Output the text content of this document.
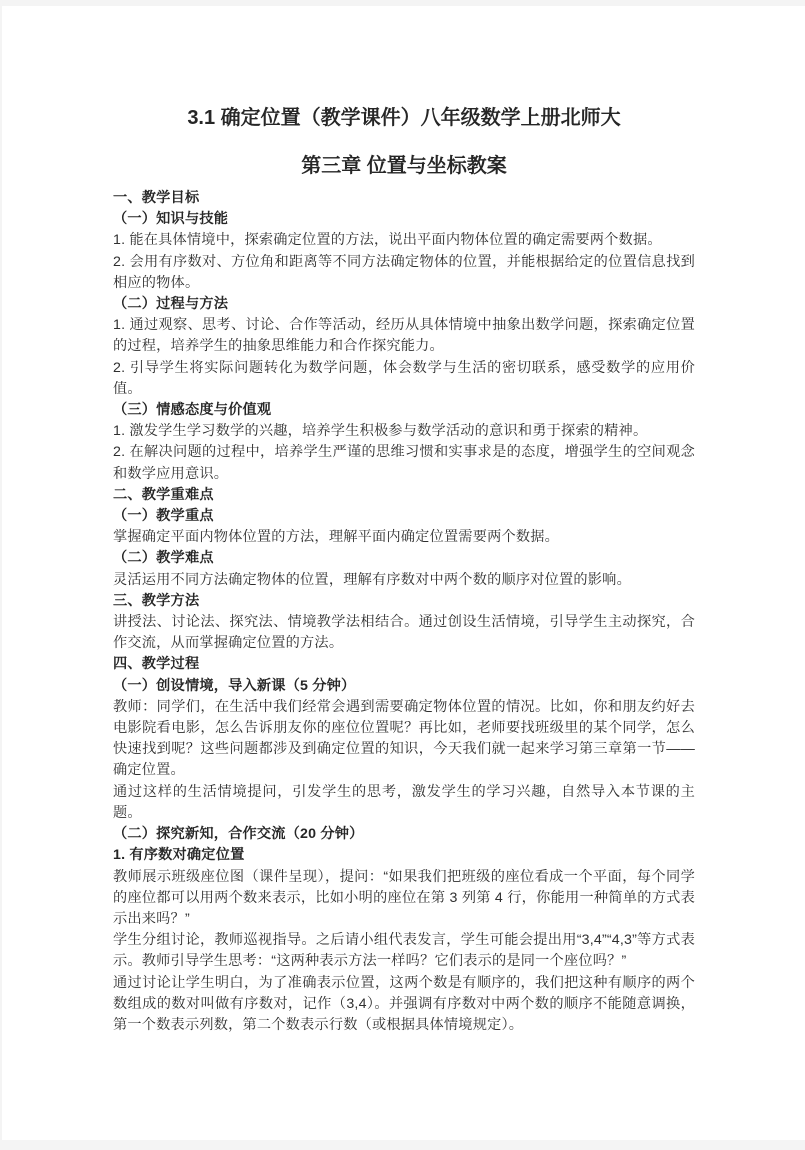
3.1 确定位置（教学课件）八年级数学上册北师大
第三章 位置与坐标教案

一、教学目标

（一）知识与技能

1. 能在具体情境中，探索确定位置的方法，说出平面内物体位置的确定需要两个数据。

2. 会用有序数对、方位角和距离等不同方法确定物体的位置，并能根据给定的位置信息找到相应的物体。

（二）过程与方法

1. 通过观察、思考、讨论、合作等活动，经历从具体情境中抽象出数学问题，探索确定位置的过程，培养学生的抽象思维能力和合作探究能力。

2. 引导学生将实际问题转化为数学问题，体会数学与生活的密切联系，感受数学的应用价值。

（三）情感态度与价值观

1. 激发学生学习数学的兴趣，培养学生积极参与数学活动的意识和勇于探索的精神。

2. 在解决问题的过程中，培养学生严谨的思维习惯和实事求是的态度，增强学生的空间观念和数学应用意识。

二、教学重难点

（一）教学重点

掌握确定平面内物体位置的方法，理解平面内确定位置需要两个数据。

（二）教学难点

灵活运用不同方法确定物体的位置，理解有序数对中两个数的顺序对位置的影响。

三、教学方法

讲授法、讨论法、探究法、情境教学法相结合。通过创设生活情境，引导学生主动探究，合作交流，从而掌握确定位置的方法。

四、教学过程

（一）创设情境，导入新课（5 分钟）

教师：同学们，在生活中我们经常会遇到需要确定物体位置的情况。比如，你和朋友约好去电影院看电影，怎么告诉朋友你的座位位置呢？再比如，老师要找班级里的某个同学，怎么快速找到呢？这些问题都涉及到确定位置的知识，今天我们就一起来学习第三章第一节——确定位置。

通过这样的生活情境提问，引发学生的思考，激发学生的学习兴趣，自然导入本节课的主题。

（二）探究新知，合作交流（20 分钟）

1. 有序数对确定位置

教师展示班级座位图（课件呈现），提问：“如果我们把班级的座位看成一个平面，每个同学的座位都可以用两个数来表示，比如小明的座位在第 3 列第 4 行，你能用一种简单的方式表示出来吗？”

学生分组讨论，教师巡视指导。之后请小组代表发言，学生可能会提出用“3,4”“4,3”等方式表示。教师引导学生思考：“这两种表示方法一样吗？它们表示的是同一个座位吗？”

通过讨论让学生明白，为了准确表示位置，这两个数是有顺序的，我们把这种有顺序的两个数组成的数对叫做有序数对，记作（3,4）。并强调有序数对中两个数的顺序不能随意调换，第一个数表示列数，第二个数表示行数（或根据具体情境规定）。
